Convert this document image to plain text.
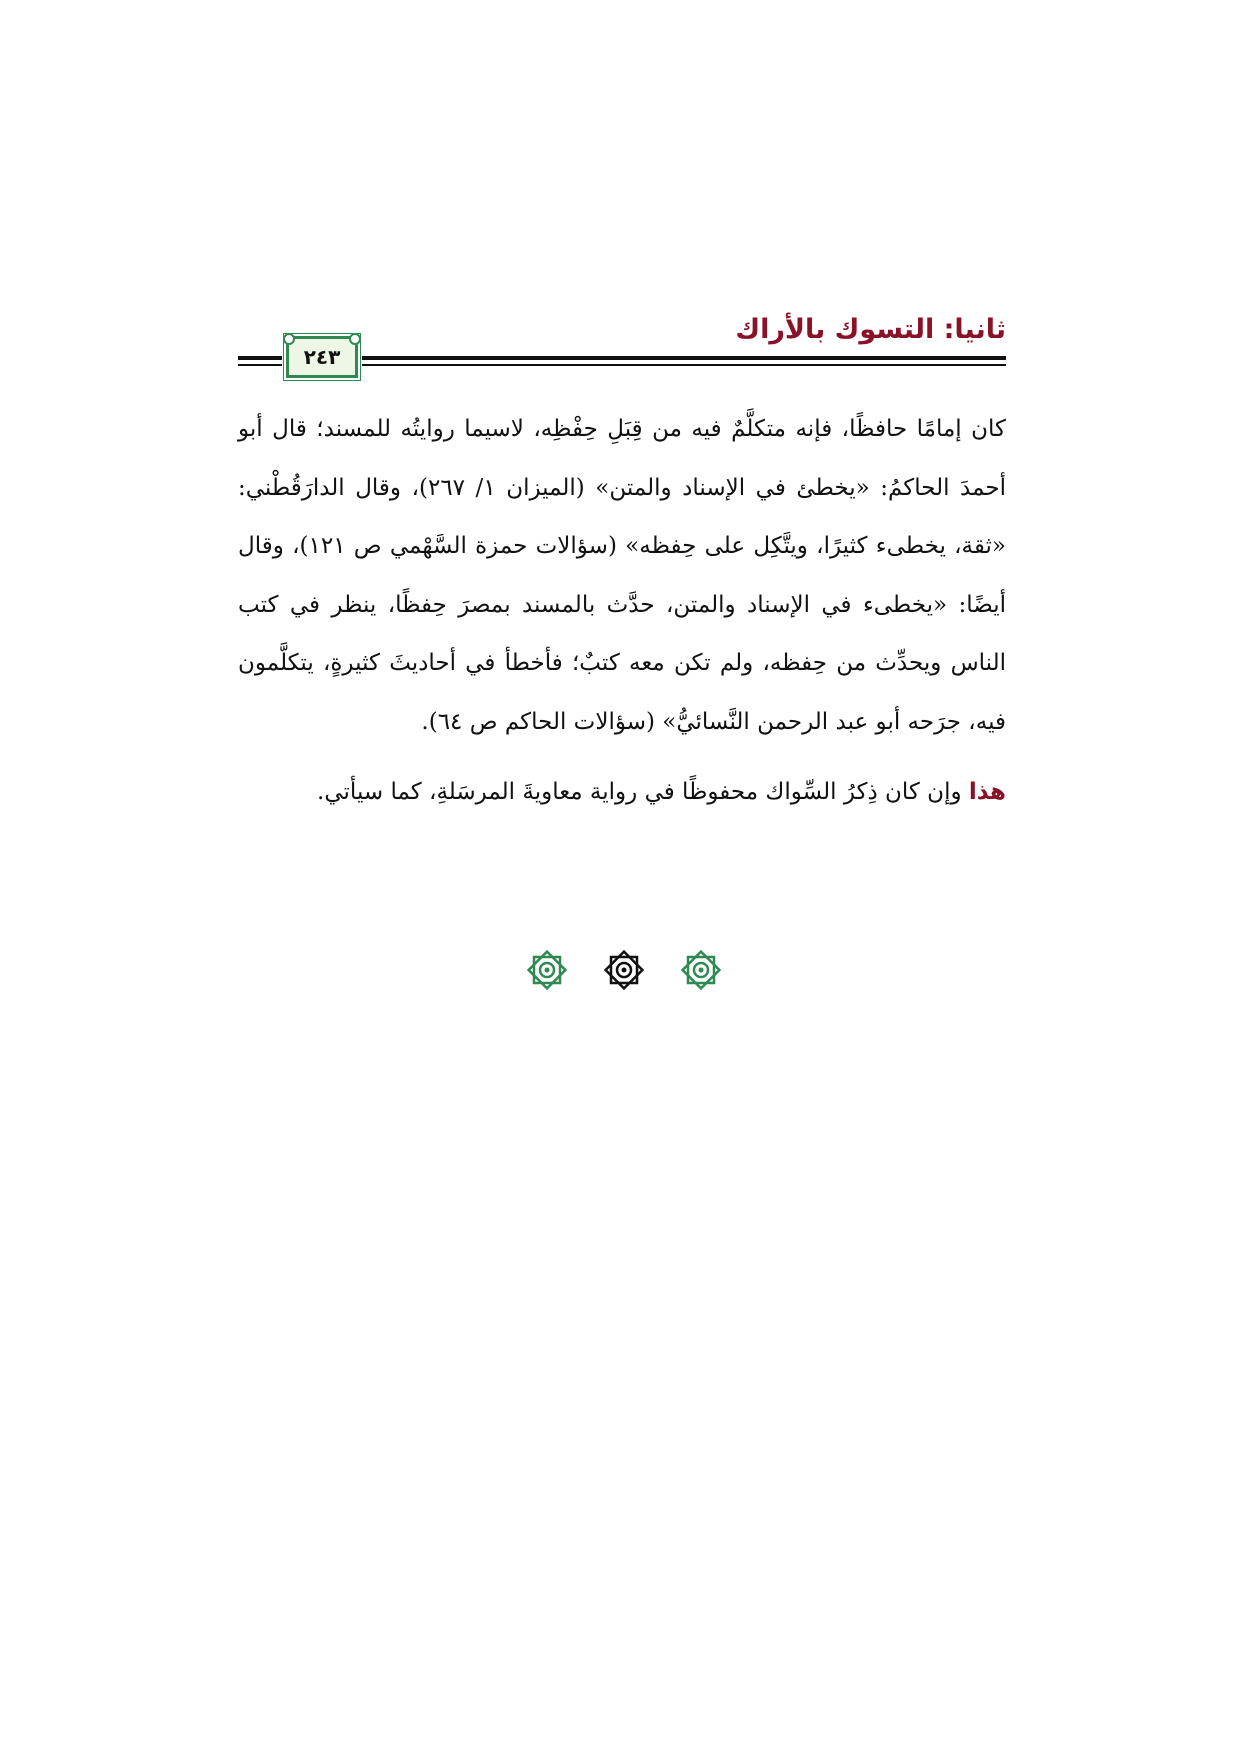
ثانيا: التسوك بالأراك
٢٤٣

كان إمامًا حافظًا، فإنه متكلَّمٌ فيه من قِبَلِ حِفْظِه، لاسيما روايتُه للمسند؛ قال أبو أحمدَ الحاكمُ: «يخطئ في الإسناد والمتن» (الميزان ١/ ٢٦٧)، وقال الدارَقُطْني: «ثقة، يخطىء كثيرًا، ويتَّكِل على حِفظه» (سؤالات حمزة السَّهْمي ص ١٢١)، وقال أيضًا: «يخطىء في الإسناد والمتن، حدَّث بالمسند بمصرَ حِفظًا، ينظر في كتب الناس ويحدِّث من حِفظه، ولم تكن معه كتبٌ؛ فأخطأ في أحاديثَ كثيرةٍ، يتكلَّمون فيه، جرَحه أبو عبد الرحمن النَّسائيُّ» (سؤالات الحاكم ص ٦٤).

هذا وإن كان ذِكرُ السِّواك محفوظًا في رواية معاويةَ المرسَلةِ، كما سيأتي.
